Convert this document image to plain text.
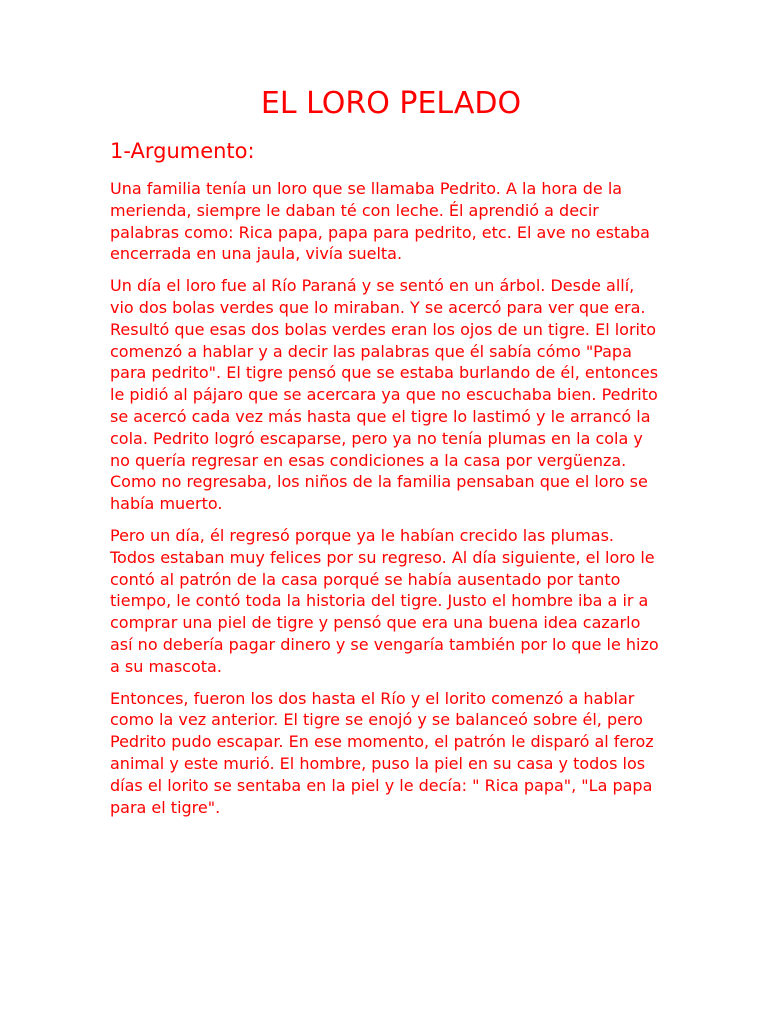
EL LORO PELADO
1-Argumento:

Una familia tenía un loro que se llamaba Pedrito. A la hora de la merienda, siempre le daban té con leche. Él aprendió a decir palabras como: Rica papa, papa para pedrito, etc. El ave no estaba encerrada en una jaula, vivía suelta.

Un día el loro fue al Río Paraná y se sentó en un árbol. Desde allí, vio dos bolas verdes que lo miraban. Y se acercó para ver que era. Resultó que esas dos bolas verdes eran los ojos de un tigre. El lorito comenzó a hablar y a decir las palabras que él sabía cómo "Papa para pedrito". El tigre pensó que se estaba burlando de él, entonces le pidió al pájaro que se acercara ya que no escuchaba bien. Pedrito se acercó cada vez más hasta que el tigre lo lastimó y le arrancó la cola. Pedrito logró escaparse, pero ya no tenía plumas en la cola y no quería regresar en esas condiciones a la casa por vergüenza. Como no regresaba, los niños de la familia pensaban que el loro se había muerto.

Pero un día, él regresó porque ya le habían crecido las plumas. Todos estaban muy felices por su regreso. Al día siguiente, el loro le contó al patrón de la casa porqué se había ausentado por tanto tiempo, le contó toda la historia del tigre. Justo el hombre iba a ir a comprar una piel de tigre y pensó que era una buena idea cazarlo así no debería pagar dinero y se vengaría también por lo que le hizo a su mascota.

Entonces, fueron los dos hasta el Río y el lorito comenzó a hablar como la vez anterior. El tigre se enojó y se balanceó sobre él, pero Pedrito pudo escapar. En ese momento, el patrón le disparó al feroz animal y este murió. El hombre, puso la piel en su casa y todos los días el lorito se sentaba en la piel y le decía: " Rica papa", "La papa para el tigre".
